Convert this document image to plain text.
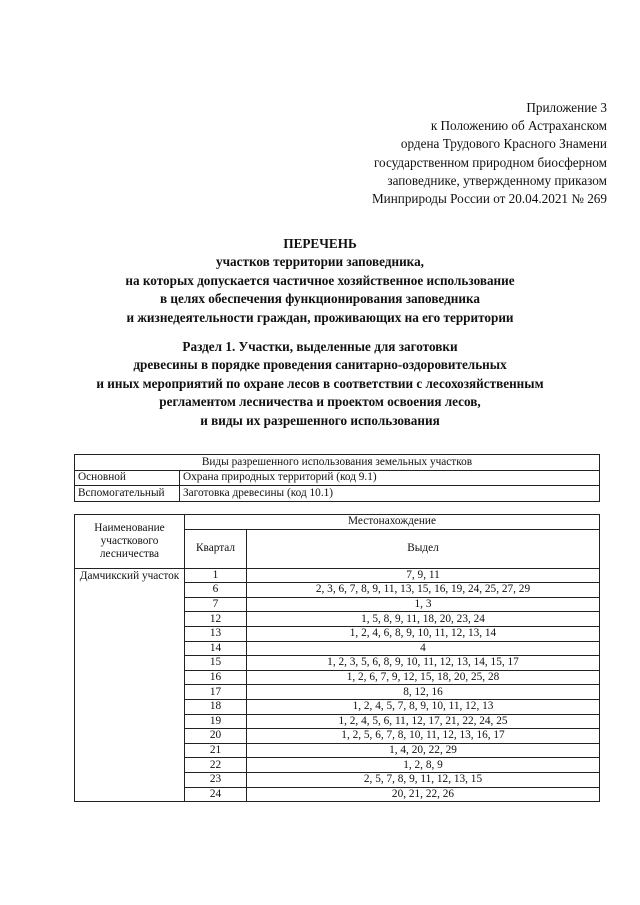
Приложение 3
к Положению об Астраханском
ордена Трудового Красного Знамени
государственном природном биосферном
заповеднике, утвержденному приказом
Минприроды России от 20.04.2021 № 269
ПЕРЕЧЕНЬ
участков территории заповедника,
на которых допускается частичное хозяйственное использование
в целях обеспечения функционирования заповедника
и жизнедеятельности граждан, проживающих на его территории
Раздел 1. Участки, выделенные для заготовки
древесины в порядке проведения санитарно-оздоровительных
и иных мероприятий по охране лесов в соответствии с лесохозяйственным
регламентом лесничества и проектом освоения лесов,
и виды их разрешенного использования
Виды разрешенного использования земельных участков	
Основной	Охрана природных территорий (код 9.1)
Вспомогательный	Заготовка древесины (код 10.1)
Наименование участкового лесничества	Местонахождение	
	Квартал	Выдел
Дамчикский участок	1	7, 9, 11
	6	2, 3, 6, 7, 8, 9, 11, 13, 15, 16, 19, 24, 25, 27, 29
	7	1, 3
	12	1, 5, 8, 9, 11, 18, 20, 23, 24
	13	1, 2, 4, 6, 8, 9, 10, 11, 12, 13, 14
	14	4
	15	1, 2, 3, 5, 6, 8, 9, 10, 11, 12, 13, 14, 15, 17
	16	1, 2, 6, 7, 9, 12, 15, 18, 20, 25, 28
	17	8, 12, 16
	18	1, 2, 4, 5, 7, 8, 9, 10, 11, 12, 13
	19	1, 2, 4, 5, 6, 11, 12, 17, 21, 22, 24, 25
	20	1, 2, 5, 6, 7, 8, 10, 11, 12, 13, 16, 17
	21	1, 4, 20, 22, 29
	22	1, 2, 8, 9
	23	2, 5, 7, 8, 9, 11, 12, 13, 15
	24	20, 21, 22, 26
